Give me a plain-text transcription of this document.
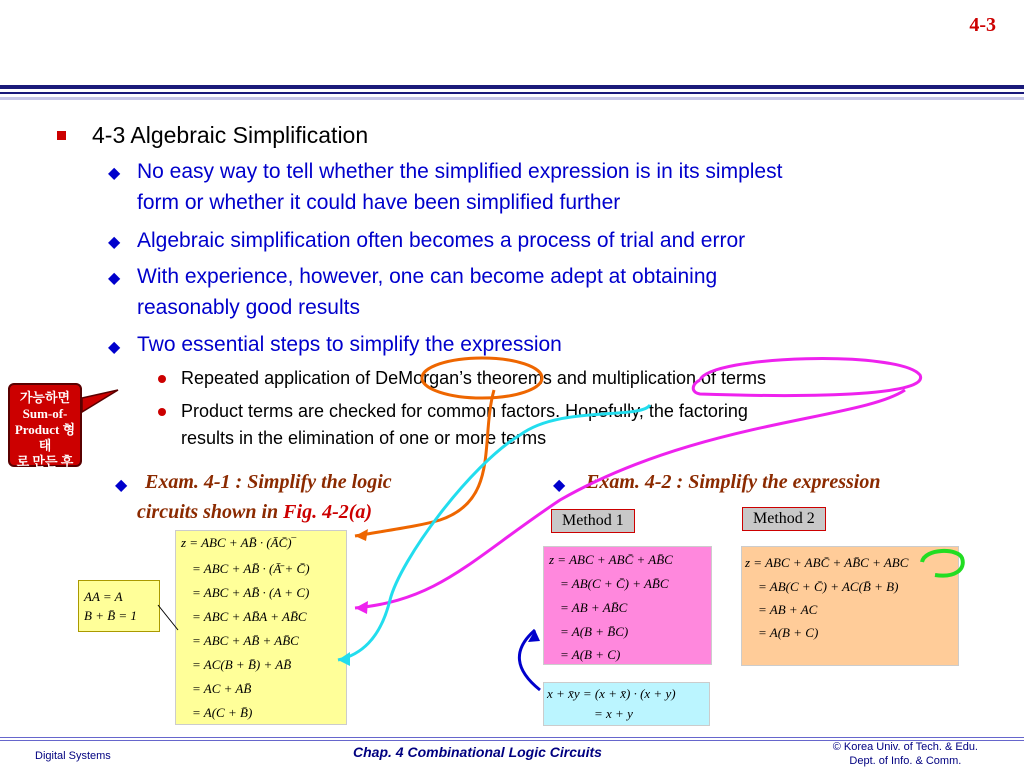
4-3
4-3 Algebraic Simplification
◆ No easy way to tell whether the simplified expression is in its simplest
form or whether it could have been simplified further
◆ Algebraic simplification often becomes a process of trial and error
◆ With experience, however, one can become adept at obtaining
reasonably good results
◆ Two essential steps to simplify the expression
Repeated application of DeMorgan’s theorems and multiplication of terms
Product terms are checked for common factors. Hopefully, the factoring
results in the elimination of one or more terms
가능하면
Sum-of-
Product 형태
로 만든 후
◆ Exam. 4-1 : Simplify the logic
circuits shown in Fig. 4-2(a)
◆ Exam. 4-2 : Simplify the expression
Method 1	Method 2
AA = A
B + B̄ = 1
z = ABC + AB̄ · (ĀC̄)‾
= ABC + AB̄ · (Ā̄ + C̄̄)
= ABC + AB̄ · (A + C)
= ABC + AB̄A + AB̄C
= ABC + AB̄ + AB̄C
= AC(B + B̄) + AB̄
= AC + AB̄
= A(C + B̄)
z = ABC + ABC̄ + AB̄C
= AB(C + C̄) + AB̄C
= AB + AB̄C
= A(B + B̄C)
= A(B + C)
z = ABC + ABC̄ + AB̄C + ABC
= AB(C + C̄) + AC(B̄ + B)
= AB + AC
= A(B + C)
x + x̄y = (x + x̄) · (x + y)
= x + y
Digital Systems	Chap. 4 Combinational Logic Circuits	© Korea Univ. of Tech. & Edu.
Dept. of Info. & Comm.
